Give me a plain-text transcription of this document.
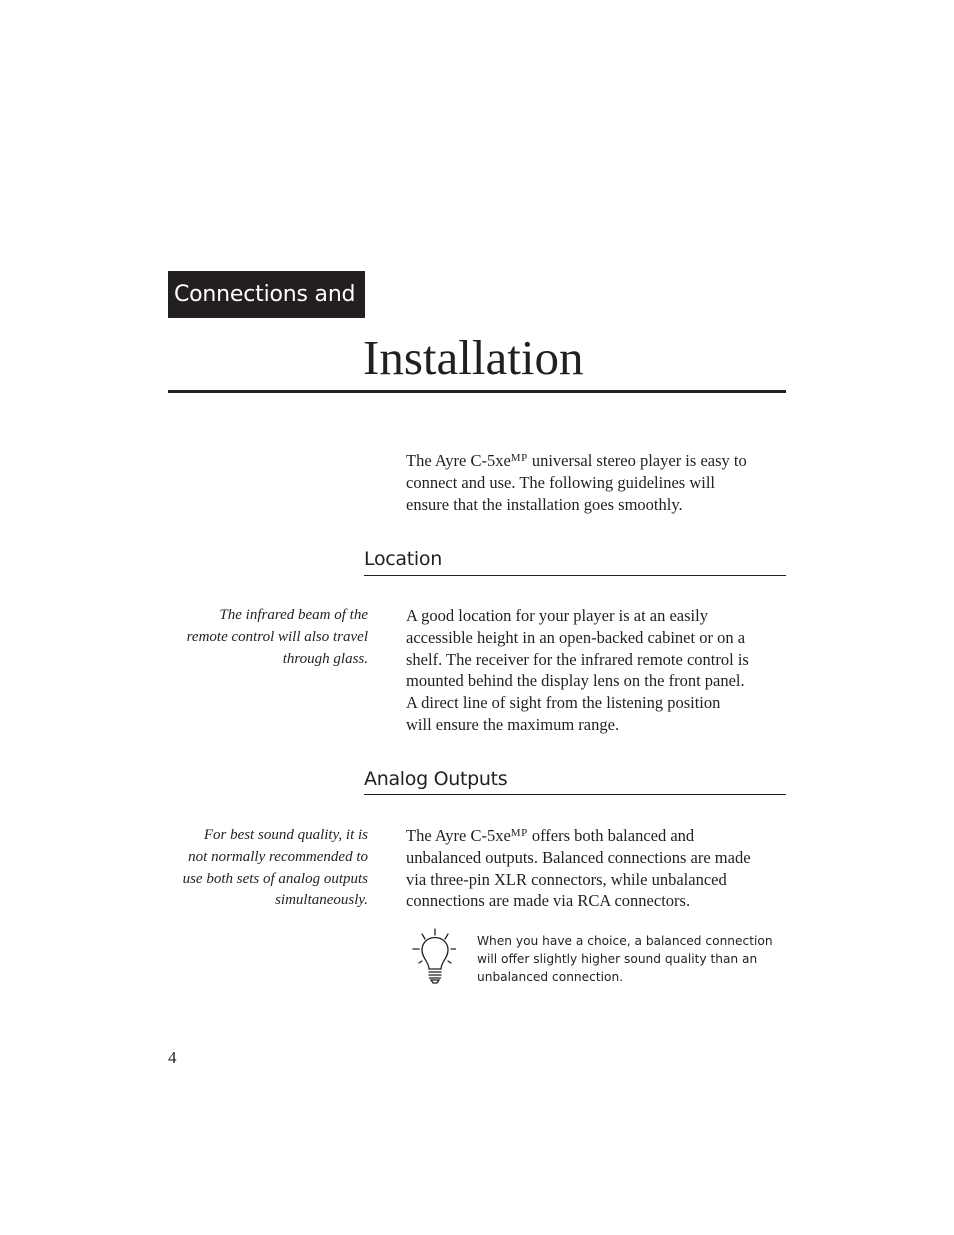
Connections and
Installation

The Ayre $C-5xe^{MP}$ universal stereo player is easy to
connect and use. The following guidelines will
ensure that the installation goes smoothly.

Location

The infrared beam of the
remote control will also travel
through glass.

A good location for your player is at an easily
accessible height in an open-backed cabinet or on a
shelf. The receiver for the infrared remote control is
mounted behind the display lens on the front panel.
A direct line of sight from the listening position
will ensure the maximum range.

Analog Outputs

For best sound quality, it is
not normally recommended to
use both sets of analog outputs
simultaneously.

The Ayre $C-5xe^{MP}$ offers both balanced and
unbalanced outputs. Balanced connections are made
via three-pin XLR connectors, while unbalanced
connections are made via RCA connectors.

When you have a choice, a balanced connection
will offer slightly higher sound quality than an
unbalanced connection.

4
